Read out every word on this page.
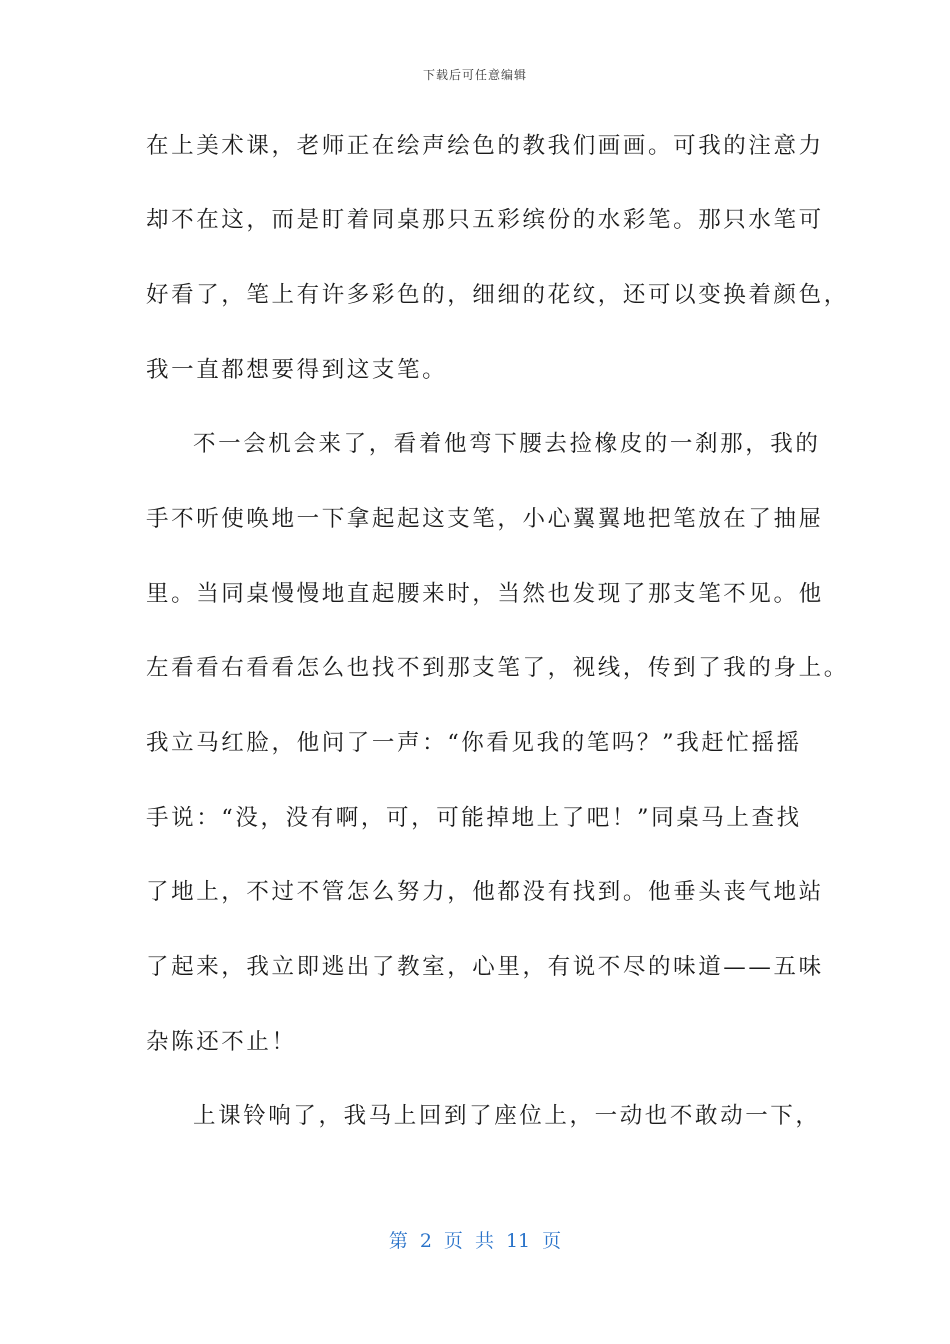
下载后可任意编辑
在上美术课，老师正在绘声绘色的教我们画画。可我的注意力
却不在这，而是盯着同桌那只五彩缤份的水彩笔。那只水笔可
好看了，笔上有许多彩色的，细细的花纹，还可以变换着颜色，
我一直都想要得到这支笔。
不一会机会来了，看着他弯下腰去捡橡皮的一刹那，我的
手不听使唤地一下拿起起这支笔，小心翼翼地把笔放在了抽屉
里。当同桌慢慢地直起腰来时，当然也发现了那支笔不见。他
左看看右看看怎么也找不到那支笔了，视线，传到了我的身上。
我立马红脸，他问了一声：“你看见我的笔吗？”我赶忙摇摇
手说：“没，没有啊，可，可能掉地上了吧！”同桌马上查找
了地上，不过不管怎么努力，他都没有找到。他垂头丧气地站
了起来，我立即逃出了教室，心里，有说不尽的味道——五味
杂陈还不止！
上课铃响了，我马上回到了座位上，一动也不敢动一下，
第 2 页 共 11 页
